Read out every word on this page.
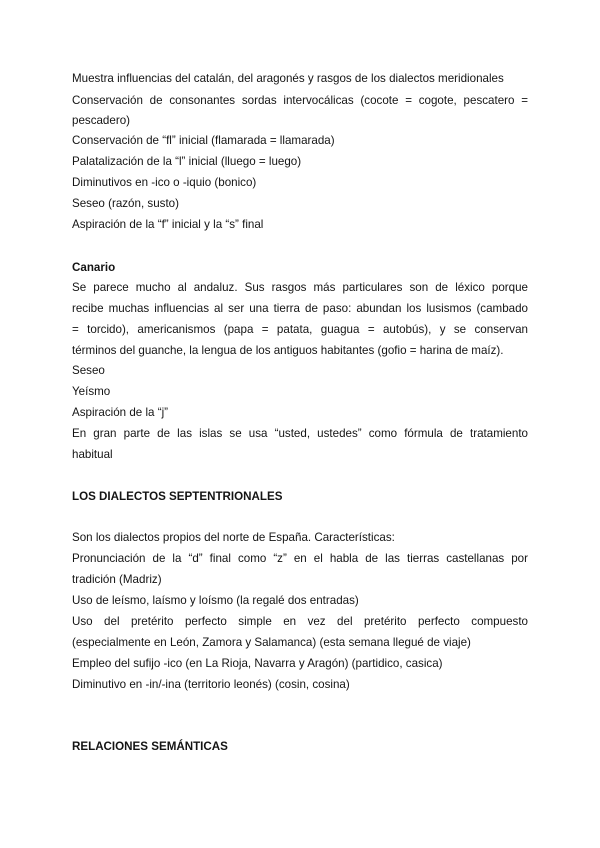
Muestra influencias del catalán, del aragonés y rasgos de los dialectos meridionales
Conservación de consonantes sordas intervocálicas (cocote = cogote, pescatero =
pescadero)
Conservación de “fl” inicial (flamarada = llamarada)
Palatalización de la “l” inicial (lluego = luego)
Diminutivos en -ico o -iquio (bonico)
Seseo (razón, susto)
Aspiración de la “f” inicial y la “s” final
Canario
Se parece mucho al andaluz. Sus rasgos más particulares son de léxico porque
recibe muchas influencias al ser una tierra de paso: abundan los lusismos (cambado
= torcido), americanismos (papa = patata, guagua = autobús), y se conservan
términos del guanche, la lengua de los antiguos habitantes (gofio = harina de maíz).
Seseo
Yeísmo
Aspiración de la “j”
En gran parte de las islas se usa “usted, ustedes” como fórmula de tratamiento
habitual
LOS DIALECTOS SEPTENTRIONALES
Son los dialectos propios del norte de España. Características:
Pronunciación de la “d” final como “z” en el habla de las tierras castellanas por
tradición (Madriz)
Uso de leísmo, laísmo y loísmo (la regalé dos entradas)
Uso del pretérito perfecto simple en vez del pretérito perfecto compuesto
(especialmente en León, Zamora y Salamanca) (esta semana llegué de viaje)
Empleo del sufijo -ico (en La Rioja, Navarra y Aragón) (partidico, casica)
Diminutivo en -in/-ina (territorio leonés) (cosin, cosina)
RELACIONES SEMÁNTICAS
